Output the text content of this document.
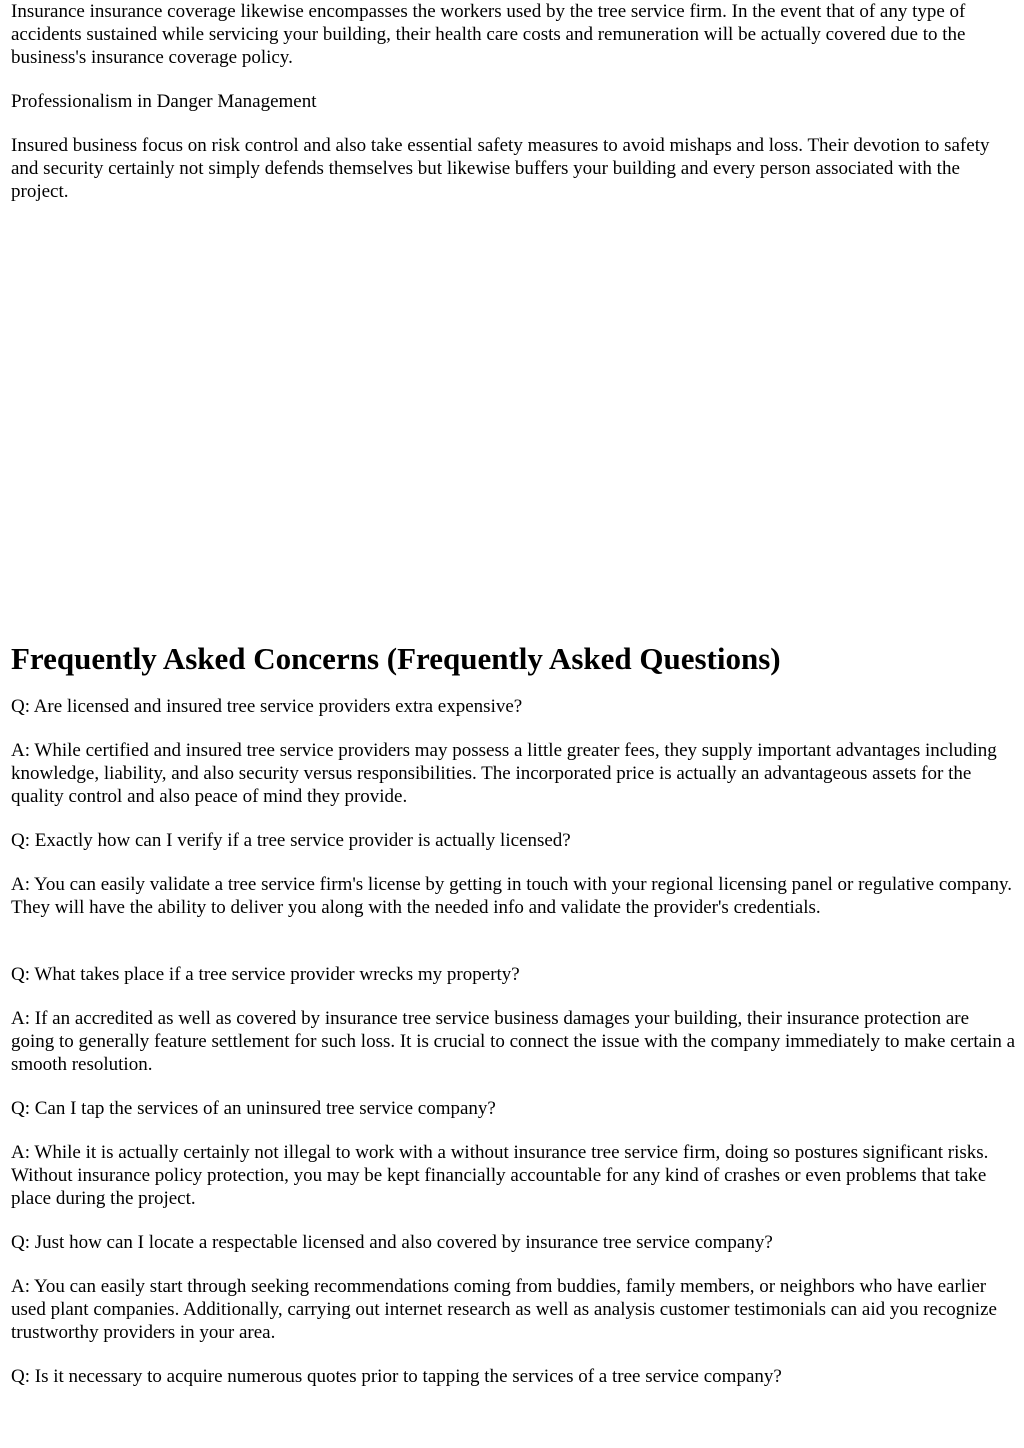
Insurance insurance coverage likewise encompasses the workers used by the tree service firm. In the event that of any type of accidents sustained while servicing your building, their health care costs and remuneration will be actually covered due to the business's insurance coverage policy.

Professionalism in Danger Management

Insured business focus on risk control and also take essential safety measures to avoid mishaps and loss. Their devotion to safety and security certainly not simply defends themselves but likewise buffers your building and every person associated with the project.

Frequently Asked Concerns (Frequently Asked Questions)

Q: Are licensed and insured tree service providers extra expensive?

A: While certified and insured tree service providers may possess a little greater fees, they supply important advantages including knowledge, liability, and also security versus responsibilities. The incorporated price is actually an advantageous assets for the quality control and also peace of mind they provide.

Q: Exactly how can I verify if a tree service provider is actually licensed?

A: You can easily validate a tree service firm's license by getting in touch with your regional licensing panel or regulative company. They will have the ability to deliver you along with the needed info and validate the provider's credentials.

Q: What takes place if a tree service provider wrecks my property?

A: If an accredited as well as covered by insurance tree service business damages your building, their insurance protection are going to generally feature settlement for such loss. It is crucial to connect the issue with the company immediately to make certain a smooth resolution.

Q: Can I tap the services of an uninsured tree service company?

A: While it is actually certainly not illegal to work with a without insurance tree service firm, doing so postures significant risks. Without insurance policy protection, you may be kept financially accountable for any kind of crashes or even problems that take place during the project.

Q: Just how can I locate a respectable licensed and also covered by insurance tree service company?

A: You can easily start through seeking recommendations coming from buddies, family members, or neighbors who have earlier used plant companies. Additionally, carrying out internet research as well as analysis customer testimonials can aid you recognize trustworthy providers in your area.

Q: Is it necessary to acquire numerous quotes prior to tapping the services of a tree service company?
